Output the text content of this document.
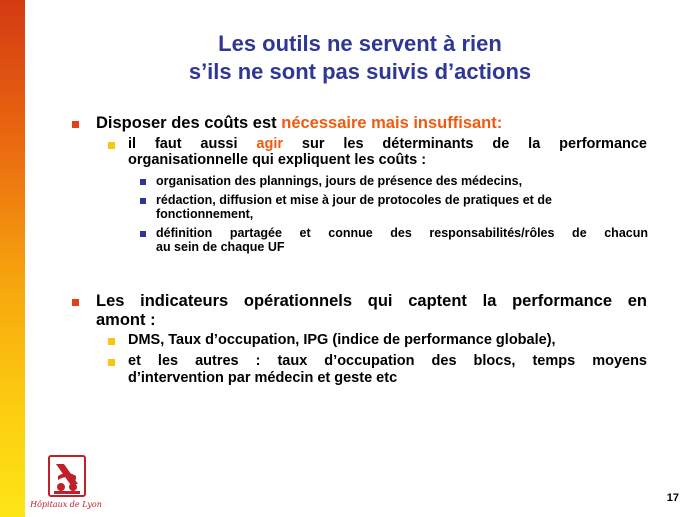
Les outils ne servent à rien
s’ils ne sont pas suivis d’actions
Disposer des coûts est nécessaire mais insuffisant:
il faut aussi agir sur les déterminants de la performance
organisationnelle qui expliquent les coûts :
organisation des plannings, jours de présence des médecins,
rédaction, diffusion et mise à jour de protocoles de pratiques et de
fonctionnement,
définition partagée et connue des responsabilités/rôles de chacun
au sein de chaque UF
Les indicateurs opérationnels qui captent la performance en
amont :
DMS, Taux d’occupation, IPG (indice de performance globale),
et les autres : taux d’occupation des blocs, temps moyens
d’intervention par médecin et geste etc
Hôpitaux de Lyon
17
